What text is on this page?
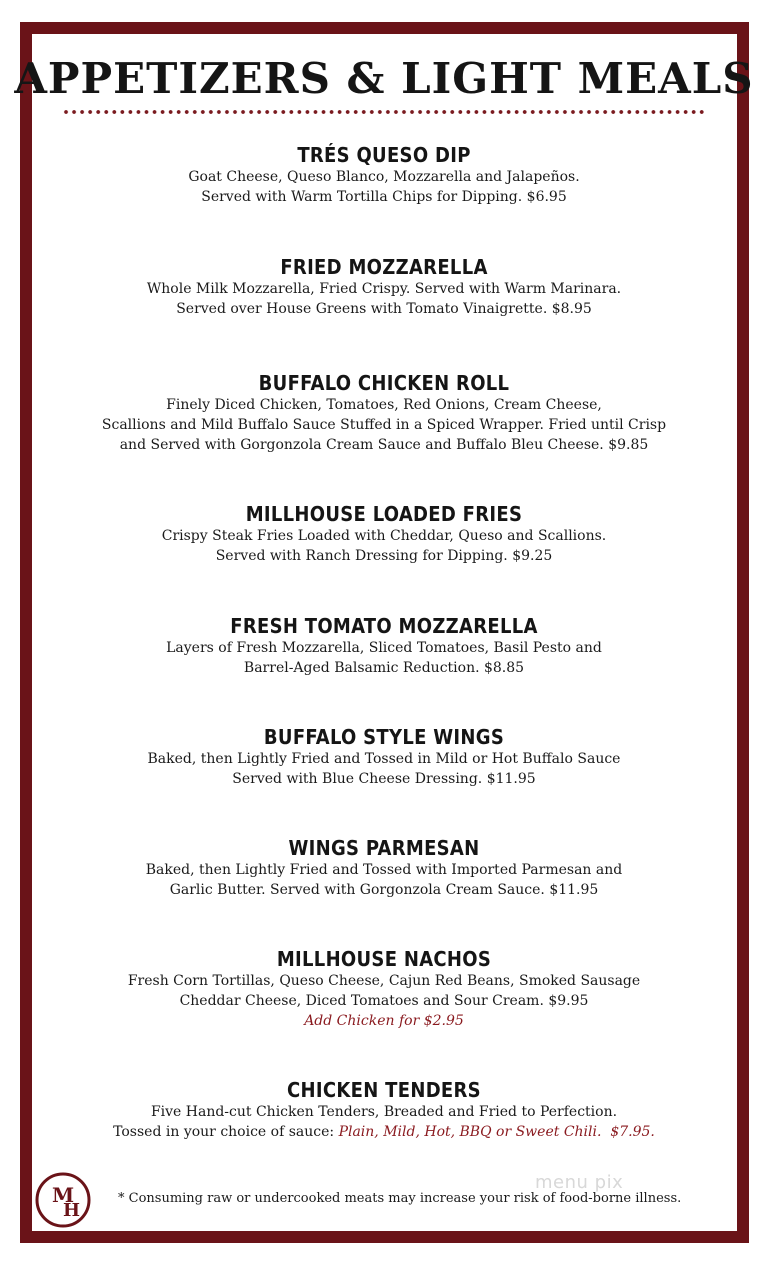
APPETIZERS & LIGHT MEALS

TRÉS QUESO DIP

Goat Cheese, Queso Blanco, Mozzarella and Jalapeños.

Served with Warm Tortilla Chips for Dipping. $6.95

FRIED MOZZARELLA

Whole Milk Mozzarella, Fried Crispy. Served with Warm Marinara.

Served over House Greens with Tomato Vinaigrette. $8.95

BUFFALO CHICKEN ROLL

Finely Diced Chicken, Tomatoes, Red Onions, Cream Cheese,

Scallions and Mild Buffalo Sauce Stuffed in a Spiced Wrapper. Fried until Crisp

and Served with Gorgonzola Cream Sauce and Buffalo Bleu Cheese. $9.85

MILLHOUSE LOADED FRIES

Crispy Steak Fries Loaded with Cheddar, Queso and Scallions.

Served with Ranch Dressing for Dipping. $9.25

FRESH TOMATO MOZZARELLA

Layers of Fresh Mozzarella, Sliced Tomatoes, Basil Pesto and

Barrel-Aged Balsamic Reduction. $8.85

BUFFALO STYLE WINGS

Baked, then Lightly Fried and Tossed in Mild or Hot Buffalo Sauce

Served with Blue Cheese Dressing. $11.95

WINGS PARMESAN

Baked, then Lightly Fried and Tossed with Imported Parmesan and

Garlic Butter. Served with Gorgonzola Cream Sauce. $11.95

MILLHOUSE NACHOS

Fresh Corn Tortillas, Queso Cheese, Cajun Red Beans, Smoked Sausage

Cheddar Cheese, Diced Tomatoes and Sour Cream. $9.95

Add Chicken for $2.95

CHICKEN TENDERS

Five Hand-cut Chicken Tenders, Breaded and Fried to Perfection.

Tossed in your choice of sauce: Plain, Mild, Hot, BBQ or Sweet Chili. $7.95.

M
H
menu pix
* Consuming raw or undercooked meats may increase your risk of food-borne illness.
